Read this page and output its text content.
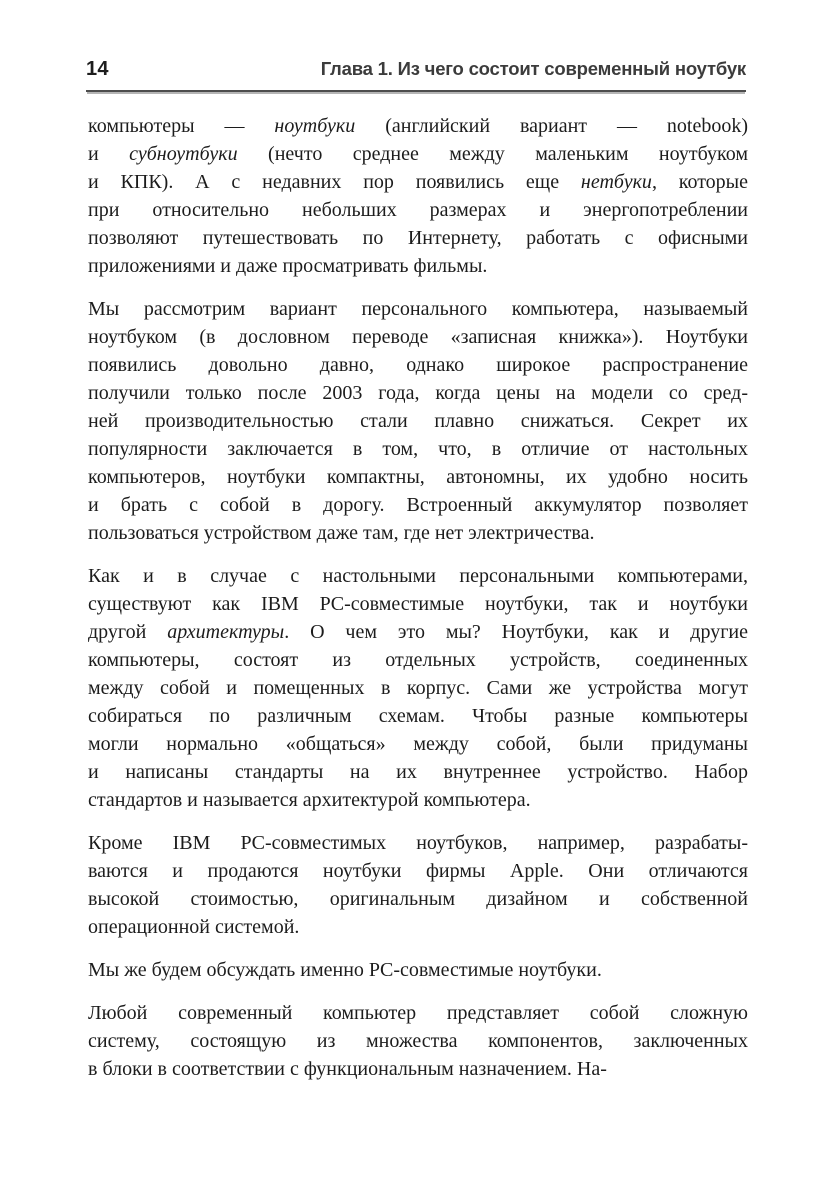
14	Глава 1. Из чего состоит современный ноутбук
компьютеры — ноутбуки (английский вариант — notebook)
и субноутбуки (нечто среднее между маленьким ноутбуком
и КПК). А с недавних пор появились еще нетбуки, которые
при относительно небольших размерах и энергопотреблении
позволяют путешествовать по Интернету, работать с офисными
приложениями и даже просматривать фильмы.
Мы рассмотрим вариант персонального компьютера, называемый
ноутбуком (в дословном переводе «записная книжка»). Ноутбуки
появились довольно давно, однако широкое распространение
получили только после 2003 года, когда цены на модели со сред-
ней производительностью стали плавно снижаться. Секрет их
популярности заключается в том, что, в отличие от настольных
компьютеров, ноутбуки компактны, автономны, их удобно носить
и брать с собой в дорогу. Встроенный аккумулятор позволяет
пользоваться устройством даже там, где нет электричества.
Как и в случае с настольными персональными компьютерами,
существуют как IBM PC-совместимые ноутбуки, так и ноутбуки
другой архитектуры. О чем это мы? Ноутбуки, как и другие
компьютеры, состоят из отдельных устройств, соединенных
между собой и помещенных в корпус. Сами же устройства могут
собираться по различным схемам. Чтобы разные компьютеры
могли нормально «общаться» между собой, были придуманы
и написаны стандарты на их внутреннее устройство. Набор
стандартов и называется архитектурой компьютера.
Кроме IBM PC-совместимых ноутбуков, например, разрабаты-
ваются и продаются ноутбуки фирмы Apple. Они отличаются
высокой стоимостью, оригинальным дизайном и собственной
операционной системой.
Мы же будем обсуждать именно PC-совместимые ноутбуки.
Любой современный компьютер представляет собой сложную
систему, состоящую из множества компонентов, заключенных
в блоки в соответствии с функциональным назначением. На-
